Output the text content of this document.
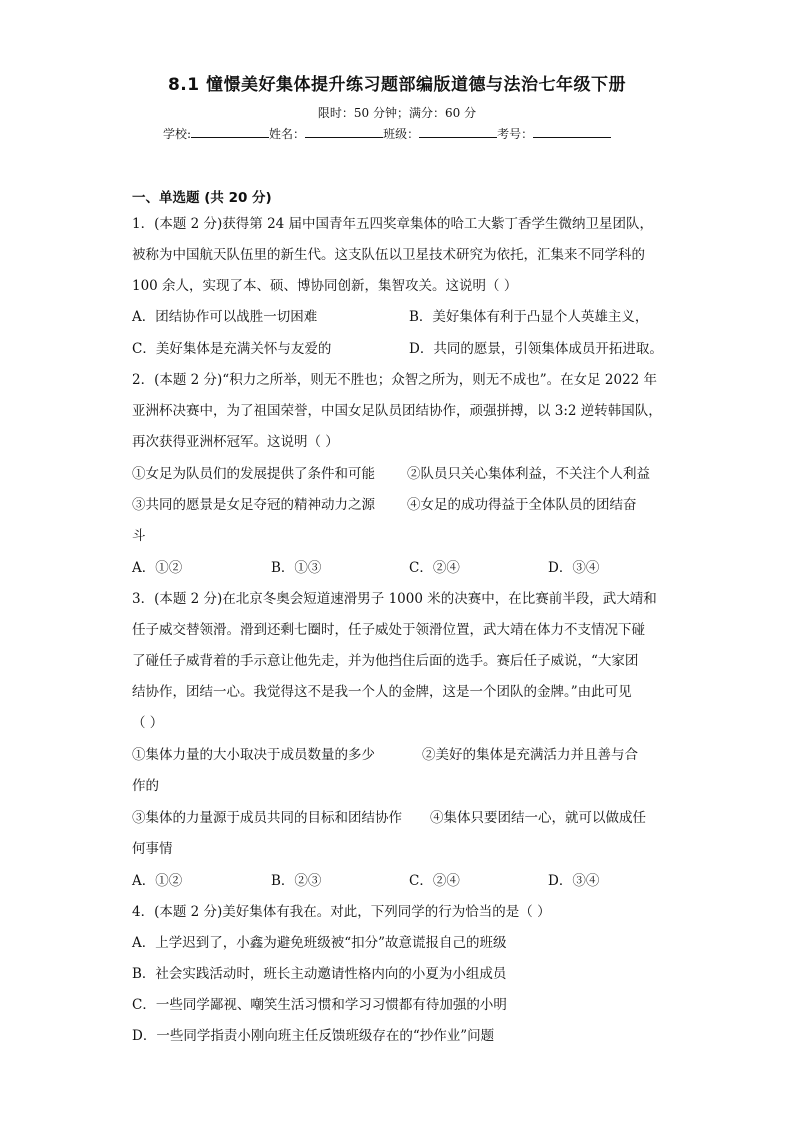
8.1 憧憬美好集体提升练习题部编版道德与法治七年级下册
限时：50 分钟；满分：60 分
学校:	姓名：	班级：	考号：
一、单选题 (共 20 分)
1．(本题 2 分)获得第 24 届中国青年五四奖章集体的哈工大紫丁香学生微纳卫星团队，
被称为中国航天队伍里的新生代。这支队伍以卫星技术研究为依托，汇集来不同学科的
100 余人，实现了本、硕、博协同创新，集智攻关。这说明（ ）
A．团结协作可以战胜一切困难	B．美好集体有利于凸显个人英雄主义，
C．美好集体是充满关怀与友爱的	D．共同的愿景，引领集体成员开拓进取。
2．(本题 2 分)“积力之所举，则无不胜也；众智之所为，则无不成也”。在女足 2022 年
亚洲杯决赛中，为了祖国荣誉，中国女足队员团结协作，顽强拼搏，以 3:2 逆转韩国队，
再次获得亚洲杯冠军。这说明（ ）
①女足为队员们的发展提供了条件和可能 ②队员只关心集体利益，不关注个人利益
③共同的愿景是女足夺冠的精神动力之源 ④女足的成功得益于全体队员的团结奋
斗
A．①②	B．①③	C．②④	D．③④
3．(本题 2 分)在北京冬奥会短道速滑男子 1000 米的决赛中，在比赛前半段，武大靖和
任子威交替领滑。滑到还剩七圈时，任子威处于领滑位置，武大靖在体力不支情况下碰
了碰任子威背着的手示意让他先走，并为他挡住后面的选手。赛后任子威说，“大家团
结协作，团结一心。我觉得这不是我一个人的金牌，这是一个团队的金牌。”由此可见
（ ）
①集体力量的大小取决于成员数量的多少	②美好的集体是充满活力并且善与合
作的
③集体的力量源于成员共同的目标和团结协作 ④集体只要团结一心，就可以做成任
何事情
A．①②	B．②③	C．②④	D．③④
4．(本题 2 分)美好集体有我在。对此，下列同学的行为恰当的是（ ）
A．上学迟到了，小鑫为避免班级被“扣分”故意谎报自己的班级
B．社会实践活动时，班长主动邀请性格内向的小夏为小组成员
C．一些同学鄙视、嘲笑生活习惯和学习习惯都有待加强的小明
D．一些同学指责小刚向班主任反馈班级存在的“抄作业”问题
